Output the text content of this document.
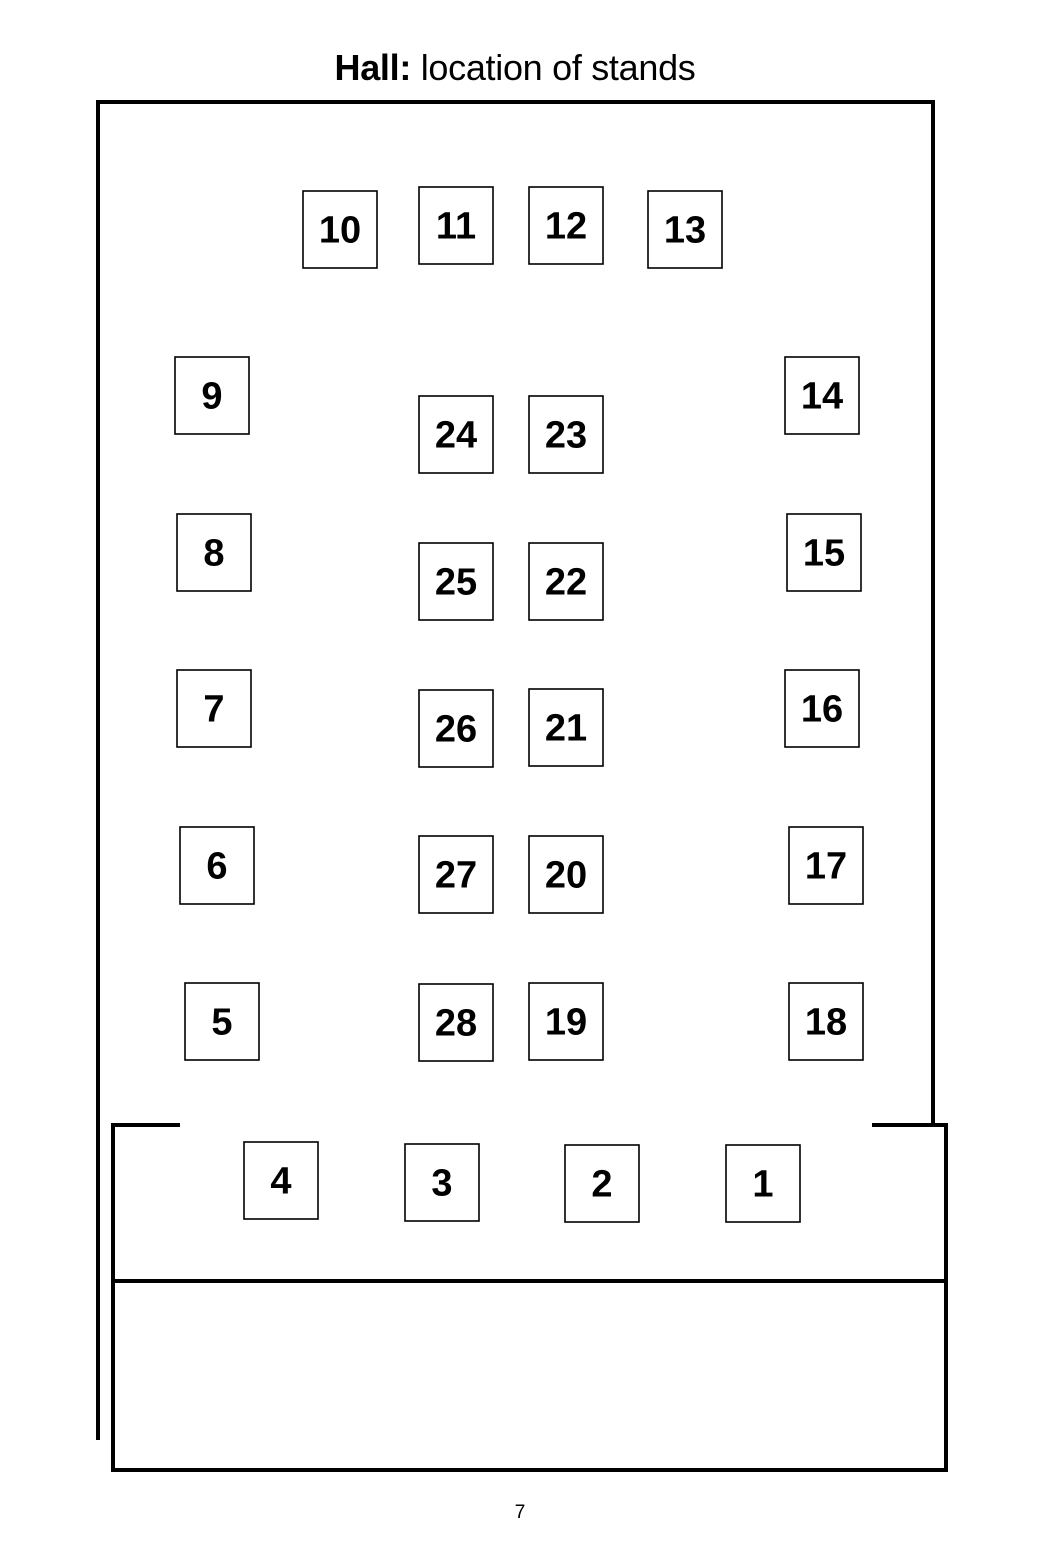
Hall: location of stands
1
2
3
4
5
6
7
8
9
10 11 12 13
14
15
16
17
18
19
20
21
22
23
24
25
26
27
28
7
